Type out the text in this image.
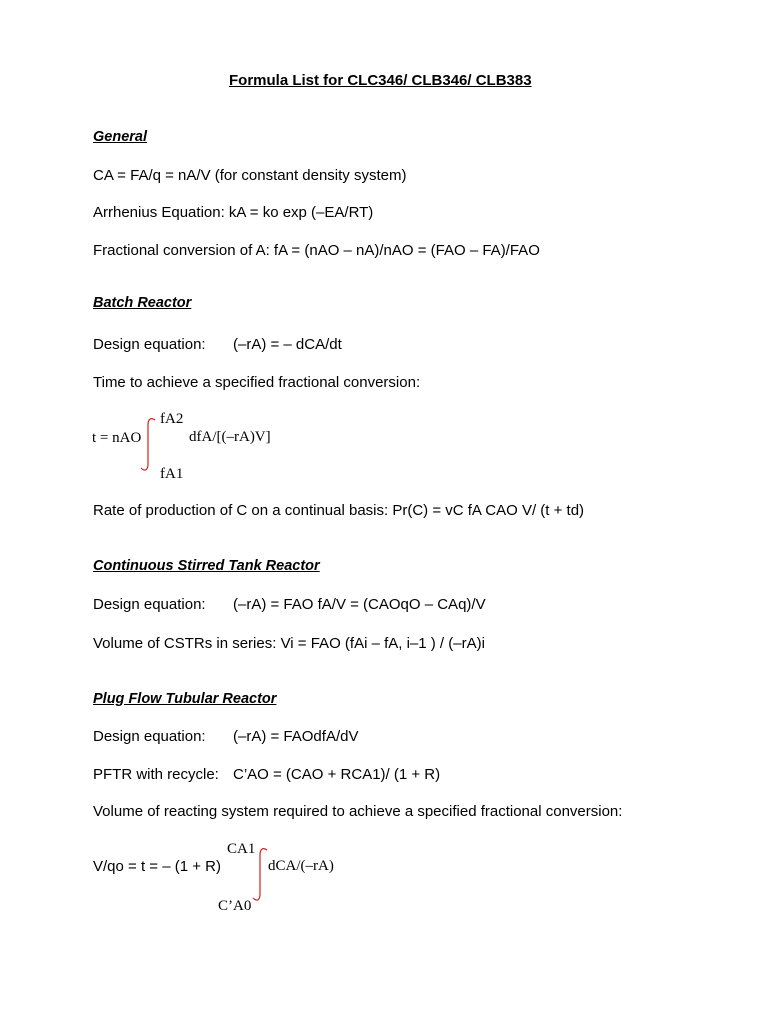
Formula List for CLC346/ CLB346/ CLB383
General
CA = FA/q = nA/V (for constant density system)
Arrhenius Equation: kA = ko exp (–EA/RT)
Fractional conversion of A: fA = (nAO – nA)/nAO = (FAO – FA)/FAO
Batch Reactor
Design equation: (–rA) = – dCA/dt
Time to achieve a specified fractional conversion:
t = nAO
fA2
fA1
dfA/[(–rA)V]
Rate of production of C on a continual basis: Pr(C) = vC fA CAO V/ (t + td)
Continuous Stirred Tank Reactor
Design equation: (–rA) = FAO fA/V = (CAOqO – CAq)/V
Volume of CSTRs in series: Vi = FAO (fAi – fA, i–1 ) / (–rA)i
Plug Flow Tubular Reactor
Design equation: (–rA) = FAOdfA/dV
PFTR with recycle: C’AO = (CAO + RCA1)/ (1 + R)
Volume of reacting system required to achieve a specified fractional conversion:
V/qo = t = – (1 + R)
CA1
dCA/(–rA)
C’A0
